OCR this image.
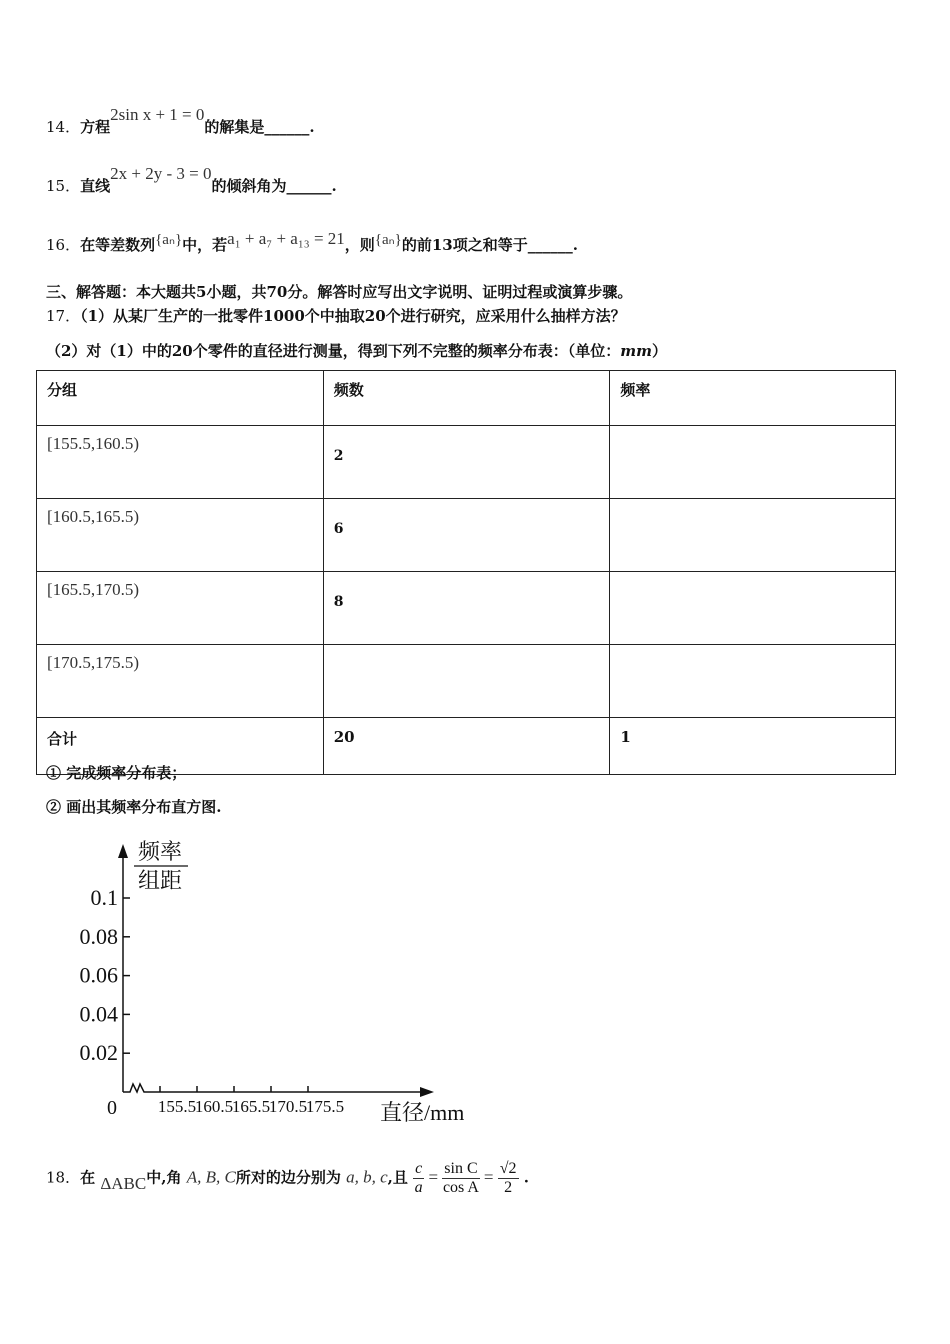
14．方程2sin x + 1 = 0的解集是______.
15．直线2x + 2y - 3 = 0的倾斜角为______.
16．在等差数列{aₙ}中，若a₁ + a₇ + a₁₃ = 21，则{aₙ}的前13项之和等于______.
三、解答题：本大题共5小题，共70分。解答时应写出文字说明、证明过程或演算步骤。
17．（1）从某厂生产的一批零件1000个中抽取20个进行研究，应采用什么抽样方法？
（2）对（1）中的20个零件的直径进行测量，得到下列不完整的频率分布表：（单位：mm）
分组	频数	频率

[155.5,160.5)	2	

[160.5,165.5)	6	

[165.5,170.5)	8	

[170.5,175.5)		

合计	20	1
① 完成频率分布表；
② 画出其频率分布直方图.
频率
组距
0.1
0.08
0.06
0.04
0.02
155.5
160.5
165.5
170.5
175.5
0	直径/mm
18．在 ΔABC中,角 A, B, C所对的边分别为 a, b, c,且 $\frac{c}{a} = \frac{\text{sin C}}{\text{cos A}} = \frac{√2}{2}$ .
